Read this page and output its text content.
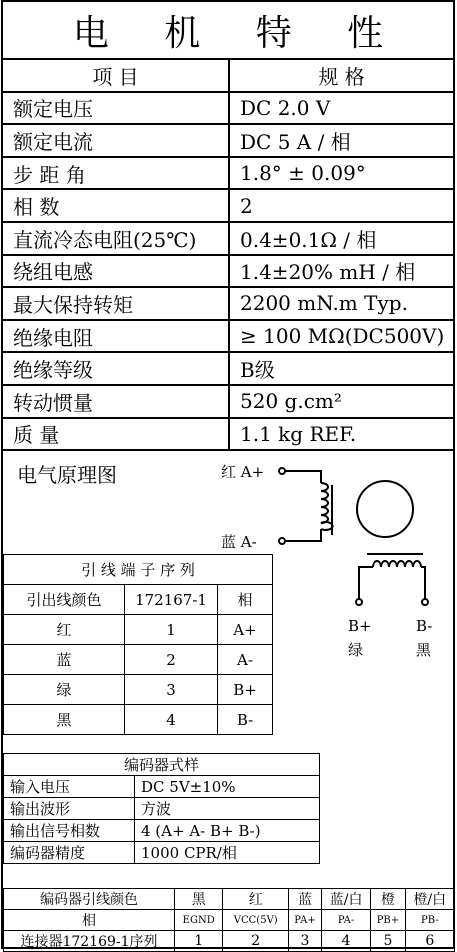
电 机 特 性
项 目	规 格
额定电压	DC 2.0 V
额定电流	DC 5 A / 相
步 距 角	1.8° ± 0.09°
相 数	2
直流冷态电阻(25℃)	0.4±0.1Ω / 相
绕组电感	1.4±20% mH / 相
最大保持转矩	2200 mN.m Typ.
绝缘电阻	≥ 100 MΩ(DC500V)
绝缘等级	B级
转动惯量	520 g.cm²
质 量	1.1 kg REF.
电气原理图	红 A+
蓝 A-
B+
绿
B-
黑
引 线 端 子 序 列		
引出线颜色	172167-1	相
红	1	A+
蓝	2	A-
绿	3	B+
黑	4	B-
编码器式样	
输入电压	DC 5V±10%
输出波形	方波
输出信号相数	4 (A+ A- B+ B-)
编码器精度	1000 CPR/相
编码器引线颜色	黑	红	蓝	蓝/白	橙	橙/白
相	EGND	VCC(5V)	PA+	PA-	PB+	PB-
连接器172169-1序列	1	2	3	4	5	6
